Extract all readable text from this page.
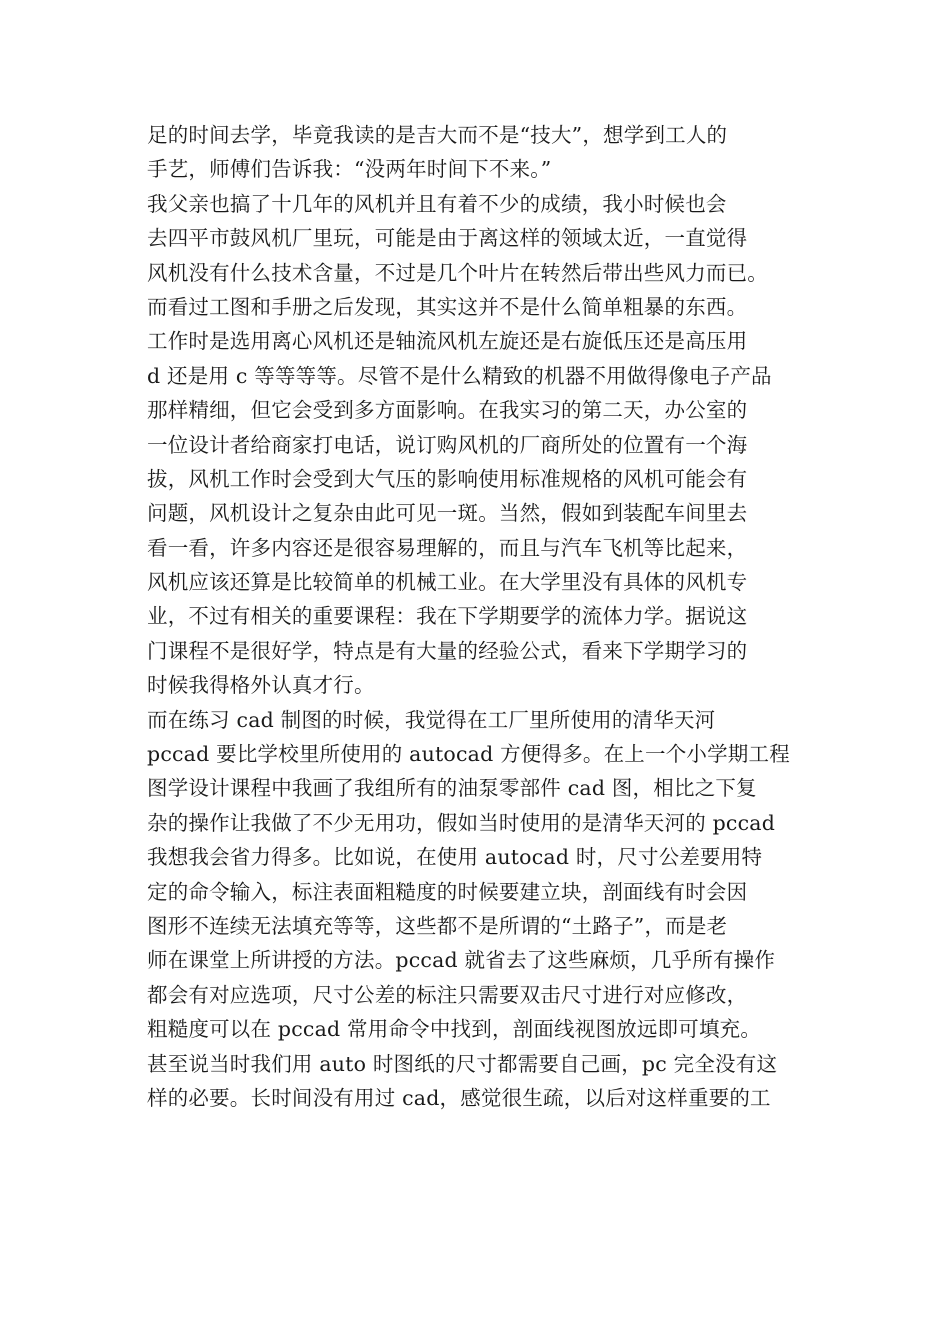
足的时间去学，毕竟我读的是吉大而不是“技大”，想学到工人的
手艺，师傅们告诉我：“没两年时间下不来。”
我父亲也搞了十几年的风机并且有着不少的成绩，我小时候也会
去四平市鼓风机厂里玩，可能是由于离这样的领域太近，一直觉得
风机没有什么技术含量，不过是几个叶片在转然后带出些风力而已。
而看过工图和手册之后发现，其实这并不是什么简单粗暴的东西。
工作时是选用离心风机还是轴流风机左旋还是右旋低压还是高压用
d 还是用 c 等等等等。尽管不是什么精致的机器不用做得像电子产品
那样精细，但它会受到多方面影响。在我实习的第二天，办公室的
一位设计者给商家打电话，说订购风机的厂商所处的位置有一个海
拔，风机工作时会受到大气压的影响使用标准规格的风机可能会有
问题，风机设计之复杂由此可见一斑。当然，假如到装配车间里去
看一看，许多内容还是很容易理解的，而且与汽车飞机等比起来，
风机应该还算是比较简单的机械工业。在大学里没有具体的风机专
业，不过有相关的重要课程：我在下学期要学的流体力学。据说这
门课程不是很好学，特点是有大量的经验公式，看来下学期学习的
时候我得格外认真才行。
而在练习 cad 制图的时候，我觉得在工厂里所使用的清华天河
pccad 要比学校里所使用的 autocad 方便得多。在上一个小学期工程
图学设计课程中我画了我组所有的油泵零部件 cad 图，相比之下复
杂的操作让我做了不少无用功，假如当时使用的是清华天河的 pccad
我想我会省力得多。比如说，在使用 autocad 时，尺寸公差要用特
定的命令输入，标注表面粗糙度的时候要建立块，剖面线有时会因
图形不连续无法填充等等，这些都不是所谓的“土路子”，而是老
师在课堂上所讲授的方法。pccad 就省去了这些麻烦，几乎所有操作
都会有对应选项，尺寸公差的标注只需要双击尺寸进行对应修改，
粗糙度可以在 pccad 常用命令中找到，剖面线视图放远即可填充。
甚至说当时我们用 auto 时图纸的尺寸都需要自己画，pc 完全没有这
样的必要。长时间没有用过 cad，感觉很生疏，以后对这样重要的工
